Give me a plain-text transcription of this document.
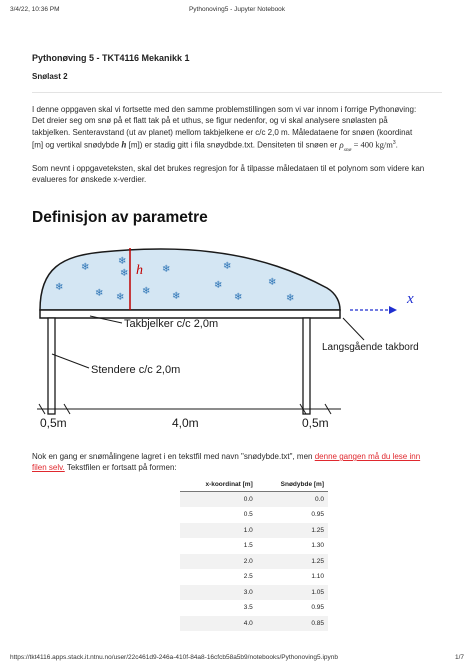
3/4/22, 10:36 PM	Pythonoving5 - Jupyter Notebook
Pythonøving 5 - TKT4116 Mekanikk 1
Snølast 2
I denne oppgaven skal vi fortsette med den samme problemstillingen som vi var innom i forrige Pythonøving:
Det dreier seg om snø på et flatt tak på et uthus, se figur nedenfor, og vi skal analysere snølasten på
takbjelken. Senteravstand (ut av planet) mellom takbjelkene er c/c 2,0 m. Måledataene for snøen (koordinat
[m] og vertikal snødybde h [m]) er stadig gitt i fila snøydbde.txt. Densiteten til snøen er $\rho_{snø} = 400$ $kg/m^3$.
Som nevnt i oppgaveteksten, skal det brukes regresjon for å tilpasse måledataen til et polynom som videre kan
evalueres for ønskede x-verdier.
Definisjon av parametre
h
❄
❄
❄
❄
❄ ❄
❄
❄ ❄
❄
❄
❄
❄
❄	x
Takbjelker c/c 2,0m
Stendere c/c 2,0m
Langsgående takbord
0,5m	4,0m	0,5m
Nok en gang er snømålingene lagret i en tekstfil med navn "snødybde.txt", men denne gangen må du lese inn
filen selv. Tekstfilen er fortsatt på formen:
x-koordinat [m]	Snødybde [m]
0.0	0.0
0.5	0.95
1.0	1.25
1.5	1.30
2.0	1.25
2.5	1.10
3.0	1.05
3.5	0.95
4.0	0.85
https://tkt4116.apps.stack.it.ntnu.no/user/22c461d9-246a-410f-84a8-16cfcb58a5b9/notebooks/Pythonoving5.ipynb	1/7
